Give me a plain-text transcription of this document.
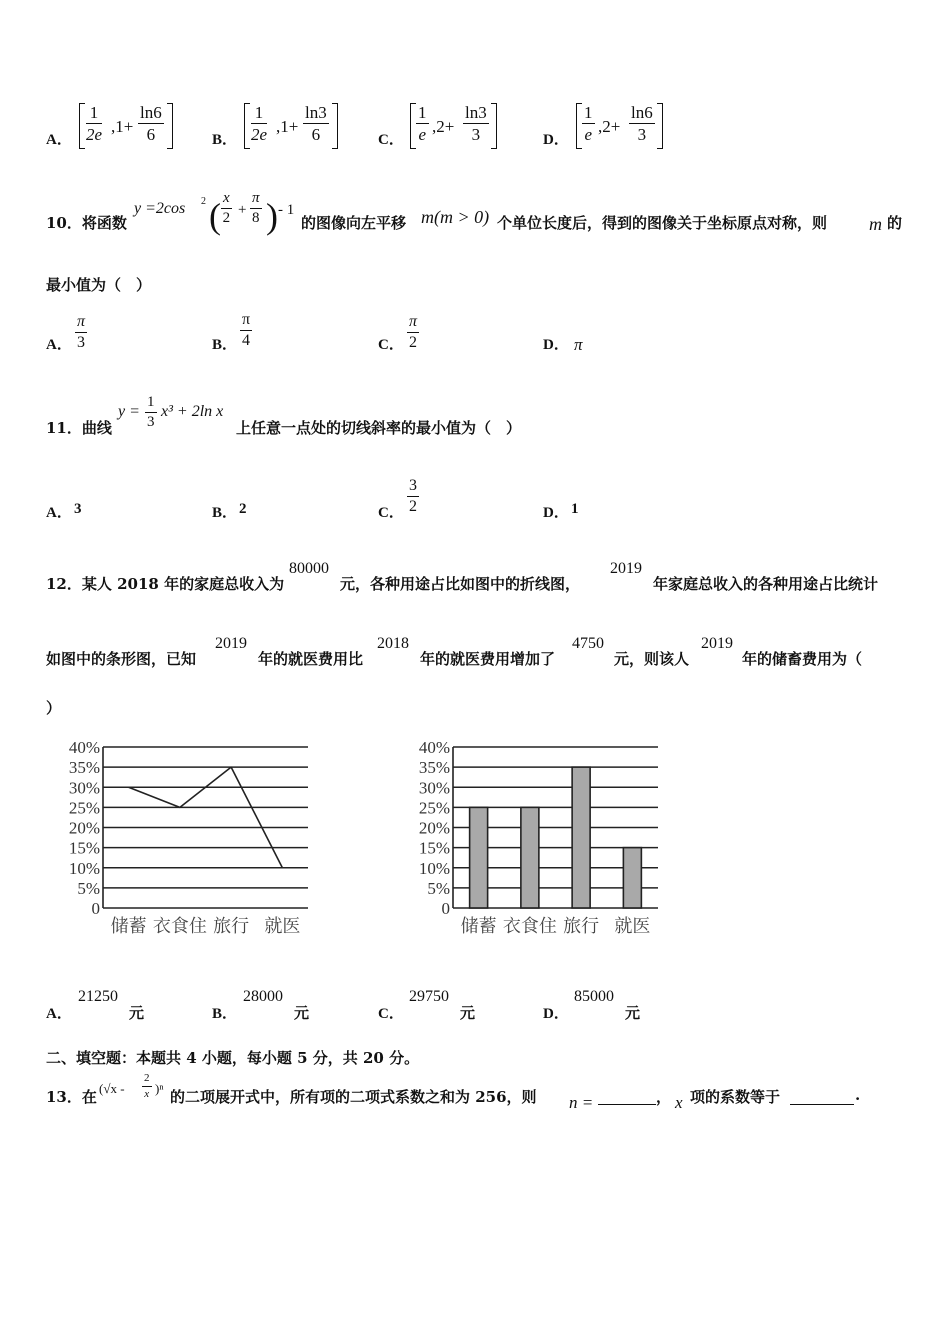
A． $\frac{1}{2e} ,1+ \frac{\ln 6}{6}$	B． $\frac{1}{2e} ,1+ \frac{\ln 3}{6}$	C． $\frac{1}{e} ,2+ \frac{\ln 3}{3}$	D． $\frac{1}{e} ,2+ \frac{\ln 6}{3}$
10．将函数
y =2cos 2 ( $\frac{x}{2} + \frac{\pi}{8}$ ) - 1
的图像向左平移 m(m > 0) 个单位长度后，得到的图像关于坐标原点对称，则 m 的
最小值为（　）
A． $\frac{\pi}{3}$	B． $\frac{\pi}{4}$	C． $\frac{\pi}{2}$	D． π
11．曲线
$y = \frac{1}{3} x^3 + 2\ln$ x
上任意一点处的切线斜率的最小值为（　）
A． 3	B． 2	C． $\frac{3}{2}$	D． 1
12．某人 2018 年的家庭总收入为
80000
元，各种用途占比如图中的折线图，
2019
年家庭总收入的各种用途占比统计
如图中的条形图，已知
2019
年的就医费用比
2018
年的就医费用增加了
4750
元，则该人
2019
年的储畜费用为（
）
0
5%
10%
15%
20%
25%
30%
35%
40%
储蓄 衣食住 旅行 就医
0
5%
10%
15%
20%
25%
30%
35%
40%
储蓄 衣食住 旅行 就医
A．
21250
元	B．
28000
元	C．
29750
元	D．
85000
元
二、填空题：本题共 4 小题，每小题 5 分，共 20 分。
13．在 $(√x - \frac{2}{x} )^n$ 的二项展开式中，所有项的二项式系数之和为 256，则 n =	， x 项的系数等于	.
